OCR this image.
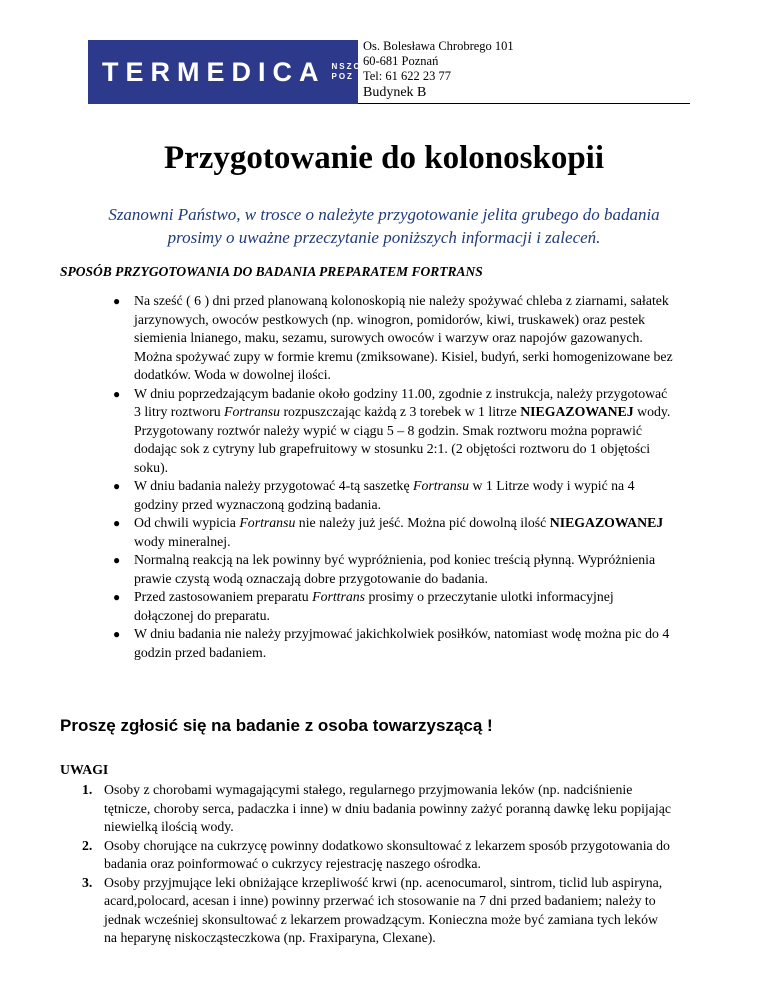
TERMEDICA NSZOZ
POZ
Os. Bolesława Chrobrego 101
60-681 Poznań
Tel: 61 622 23 77
Budynek B
Przygotowanie do kolonoskopii
Szanowni Państwo, w trosce o należyte przygotowanie jelita grubego do badania
prosimy o uważne przeczytanie poniższych informacji i zaleceń.
SPOSÓB PRZYGOTOWANIA DO BADANIA PREPARATEM FORTRANS
● Na sześć ( 6 ) dni przed planowaną kolonoskopią nie należy spożywać chleba z ziarnami, sałatek jarzynowych, owoców pestkowych (np. winogron, pomidorów, kiwi, truskawek) oraz pestek siemienia lnianego, maku, sezamu, surowych owoców i warzyw oraz napojów gazowanych. Można spożywać zupy w formie kremu (zmiksowane). Kisiel, budyń, serki homogenizowane bez dodatków. Woda w dowolnej ilości.
● W dniu poprzedzającym badanie około godziny 11.00, zgodnie z instrukcja, należy przygotować 3 litry roztworu Fortransu rozpuszczając każdą z 3 torebek w 1 litrze NIEGAZOWANEJ wody. Przygotowany roztwór należy wypić w ciągu 5 – 8 godzin. Smak roztworu można poprawić dodając sok z cytryny lub grapefruitowy w stosunku 2:1. (2 objętości roztworu do 1 objętości soku).
● W dniu badania należy przygotować 4-tą saszetkę Fortransu w 1 Litrze wody i wypić na 4 godziny przed wyznaczoną godziną badania.
● Od chwili wypicia Fortransu nie należy już jeść. Można pić dowolną ilość NIEGAZOWANEJ wody mineralnej.
● Normalną reakcją na lek powinny być wypróżnienia, pod koniec treścią płynną. Wypróżnienia prawie czystą wodą oznaczają dobre przygotowanie do badania.
● Przed zastosowaniem preparatu Forttrans prosimy o przeczytanie ulotki informacyjnej dołączonej do preparatu.
● W dniu badania nie należy przyjmować jakichkolwiek posiłków, natomiast wodę można pic do 4 godzin przed badaniem.
Proszę zgłosić się na badanie z osoba towarzyszącą !
UWAGI
1. Osoby z chorobami wymagającymi stałego, regularnego przyjmowania leków (np. nadciśnienie tętnicze, choroby serca, padaczka i inne) w dniu badania powinny zażyć poranną dawkę leku popijając niewielką ilością wody.
2. Osoby chorujące na cukrzycę powinny dodatkowo skonsultować z lekarzem sposób przygotowania do badania oraz poinformować o cukrzycy rejestrację naszego ośrodka.
3. Osoby przyjmujące leki obniżające krzepliwość krwi (np. acenocumarol, sintrom, ticlid lub aspiryna, acard,polocard, acesan i inne) powinny przerwać ich stosowanie na 7 dni przed badaniem; należy to jednak wcześniej skonsultować z lekarzem prowadzącym. Konieczna może być zamiana tych leków na heparynę niskocząsteczkowa (np. Fraxiparyna, Clexane).
